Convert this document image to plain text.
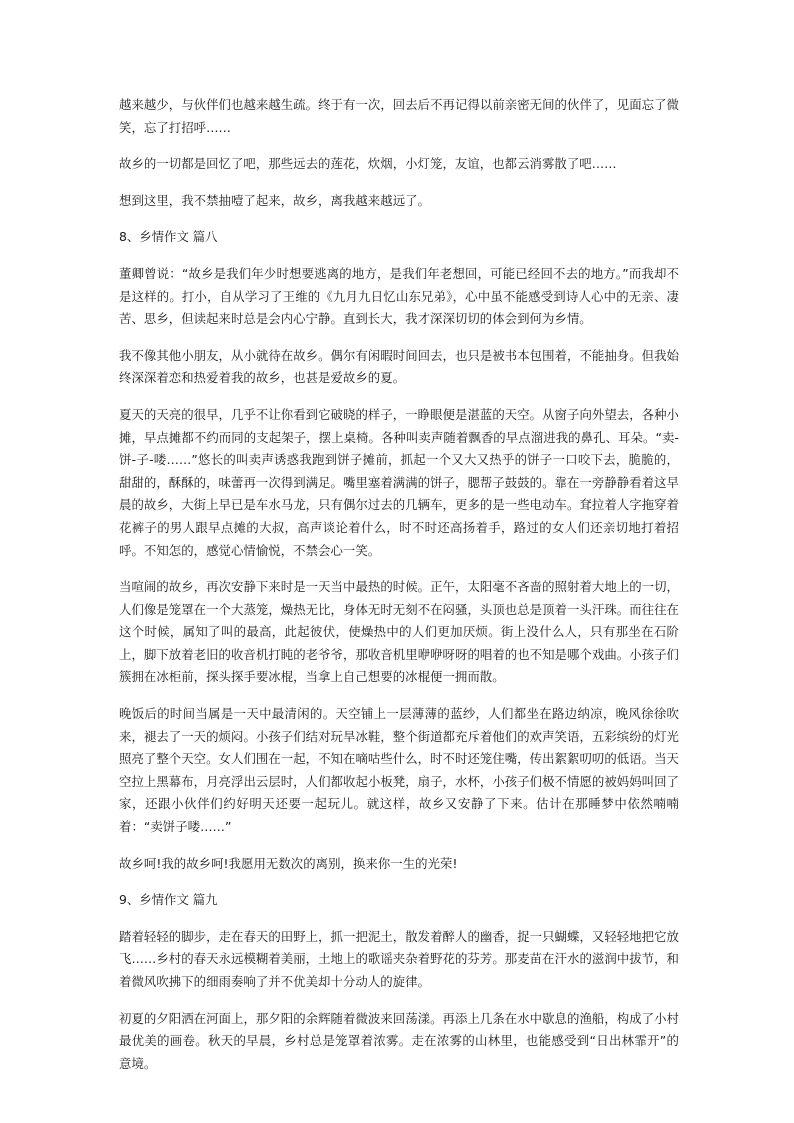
越来越少，与伙伴们也越来越生疏。终于有一次，回去后不再记得以前亲密无间的伙伴了，见面忘了微笑，忘了打招呼……

故乡的一切都是回忆了吧，那些远去的莲花，炊烟，小灯笼，友谊，也都云消雾散了吧……

想到这里，我不禁抽噎了起来，故乡，离我越来越远了。

8、乡情作文 篇八

董卿曾说：“故乡是我们年少时想要逃离的地方，是我们年老想回，可能已经回不去的地方。”而我却不是这样的。打小，自从学习了王维的《九月九日忆山东兄弟》，心中虽不能感受到诗人心中的无亲、凄苦、思乡，但读起来时总是会内心宁静。直到长大，我才深深切切的体会到何为乡情。

我不像其他小朋友，从小就待在故乡。偶尔有闲暇时间回去，也只是被书本包围着，不能抽身。但我始终深深着恋和热爱着我的故乡，也甚是爱故乡的夏。

夏天的天亮的很早，几乎不让你看到它破晓的样子，一睁眼便是湛蓝的天空。从窗子向外望去，各种小摊，早点摊都不约而同的支起架子，摆上桌椅。各种叫卖声随着飘香的早点溜进我的鼻孔、耳朵。“卖-饼-子-喽……”悠长的叫卖声诱惑我跑到饼子摊前，抓起一个又大又热乎的饼子一口咬下去，脆脆的，甜甜的，酥酥的，味蕾再一次得到满足。嘴里塞着满满的饼子，腮帮子鼓鼓的。靠在一旁静静看着这早晨的故乡，大街上早已是车水马龙，只有偶尔过去的几辆车，更多的是一些电动车。耷拉着人字拖穿着花裤子的男人跟早点摊的大叔，高声谈论着什么，时不时还高扬着手，路过的女人们还亲切地打着招呼。不知怎的，感觉心情愉悦，不禁会心一笑。

当喧闹的故乡，再次安静下来时是一天当中最热的时候。正午，太阳毫不吝啬的照射着大地上的一切，人们像是笼罩在一个大蒸笼，燥热无比，身体无时无刻不在闷骚，头顶也总是顶着一头汗珠。而往往在这个时候，属知了叫的最高，此起彼伏，使燥热中的人们更加厌烦。街上没什么人，只有那坐在石阶上，脚下放着老旧的收音机打盹的老爷爷，那收音机里咿咿呀呀的唱着的也不知是哪个戏曲。小孩子们簇拥在冰柜前，探头探手要冰棍，当拿上自己想要的冰棍便一拥而散。

晚饭后的时间当属是一天中最清闲的。天空铺上一层薄薄的蓝纱，人们都坐在路边纳凉，晚风徐徐吹来，褪去了一天的烦闷。小孩子们结对玩旱冰鞋，整个街道都充斥着他们的欢声笑语，五彩缤纷的灯光照亮了整个天空。女人们围在一起，不知在嘀咕些什么，时不时还笼住嘴，传出絮絮叨叨的低语。当天空拉上黑幕布，月亮浮出云层时，人们都收起小板凳，扇子，水杯，小孩子们极不情愿的被妈妈叫回了家，还跟小伙伴们约好明天还要一起玩儿。就这样，故乡又安静了下来。估计在那睡梦中依然喃喃着：“卖饼子喽……”

故乡呵!我的故乡呵!我愿用无数次的离别，换来你一生的光荣!

9、乡情作文 篇九

踏着轻轻的脚步，走在春天的田野上，抓一把泥土，散发着醉人的幽香，捉一只蝴蝶，又轻轻地把它放飞……乡村的春天永远模糊着美丽，土地上的歌谣夹杂着野花的芬芳。那麦苗在汗水的滋润中拔节，和着微风吹拂下的细雨奏响了并不优美却十分动人的旋律。

初夏的夕阳洒在河面上，那夕阳的余辉随着微波来回荡漾。再添上几条在水中歇息的渔船，构成了小村最优美的画卷。秋天的早晨，乡村总是笼罩着浓雾。走在浓雾的山林里，也能感受到“日出林霏开”的意境。
